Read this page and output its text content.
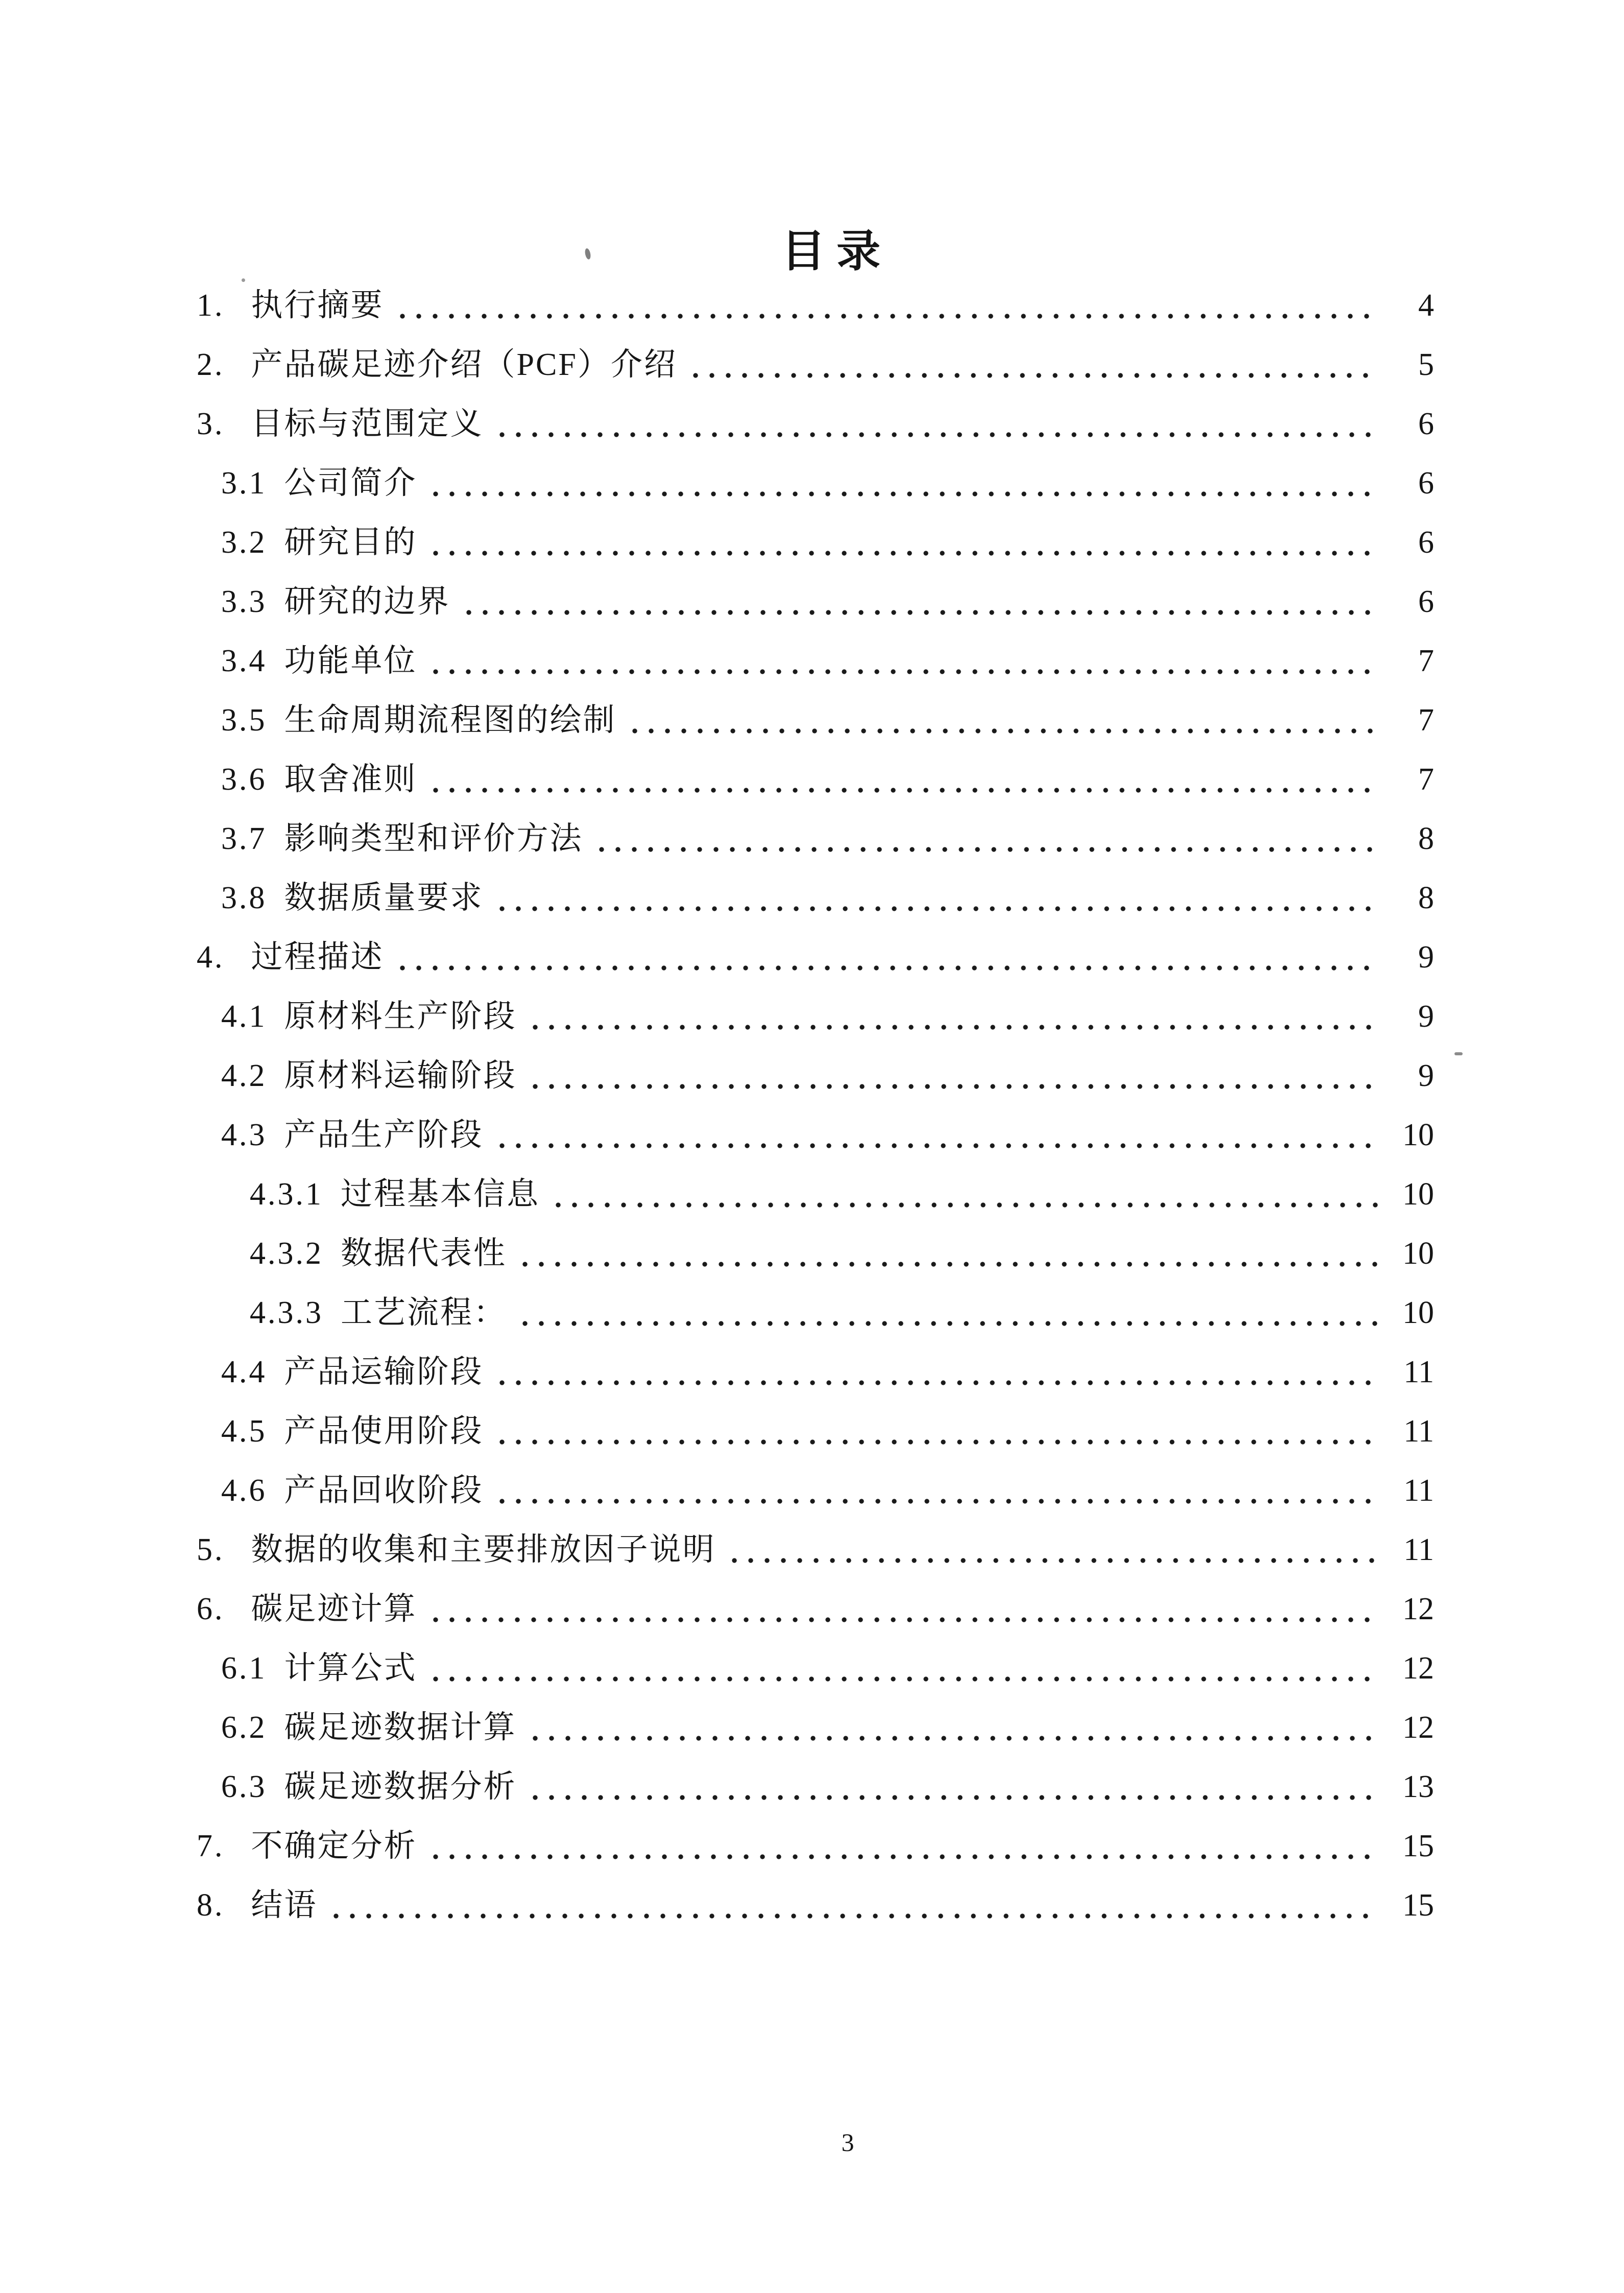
目录
1. 执行摘要	4
2. 产品碳足迹介绍（PCF）介绍	5
3. 目标与范围定义	6
3.1 公司简介	6
3.2 研究目的	6
3.3 研究的边界	6
3.4 功能单位	7
3.5 生命周期流程图的绘制	7
3.6 取舍准则	7
3.7 影响类型和评价方法	8
3.8 数据质量要求	8
4. 过程描述	9
4.1 原材料生产阶段	9
4.2 原材料运输阶段	9
4.3 产品生产阶段	10
4.3.1 过程基本信息	10
4.3.2 数据代表性	10
4.3.3 工艺流程：	10
4.4 产品运输阶段	11
4.5 产品使用阶段	11
4.6 产品回收阶段	11
5. 数据的收集和主要排放因子说明	11
6. 碳足迹计算	12
6.1 计算公式	12
6.2 碳足迹数据计算	12
6.3 碳足迹数据分析	13
7. 不确定分析	15
8. 结语	15
3
